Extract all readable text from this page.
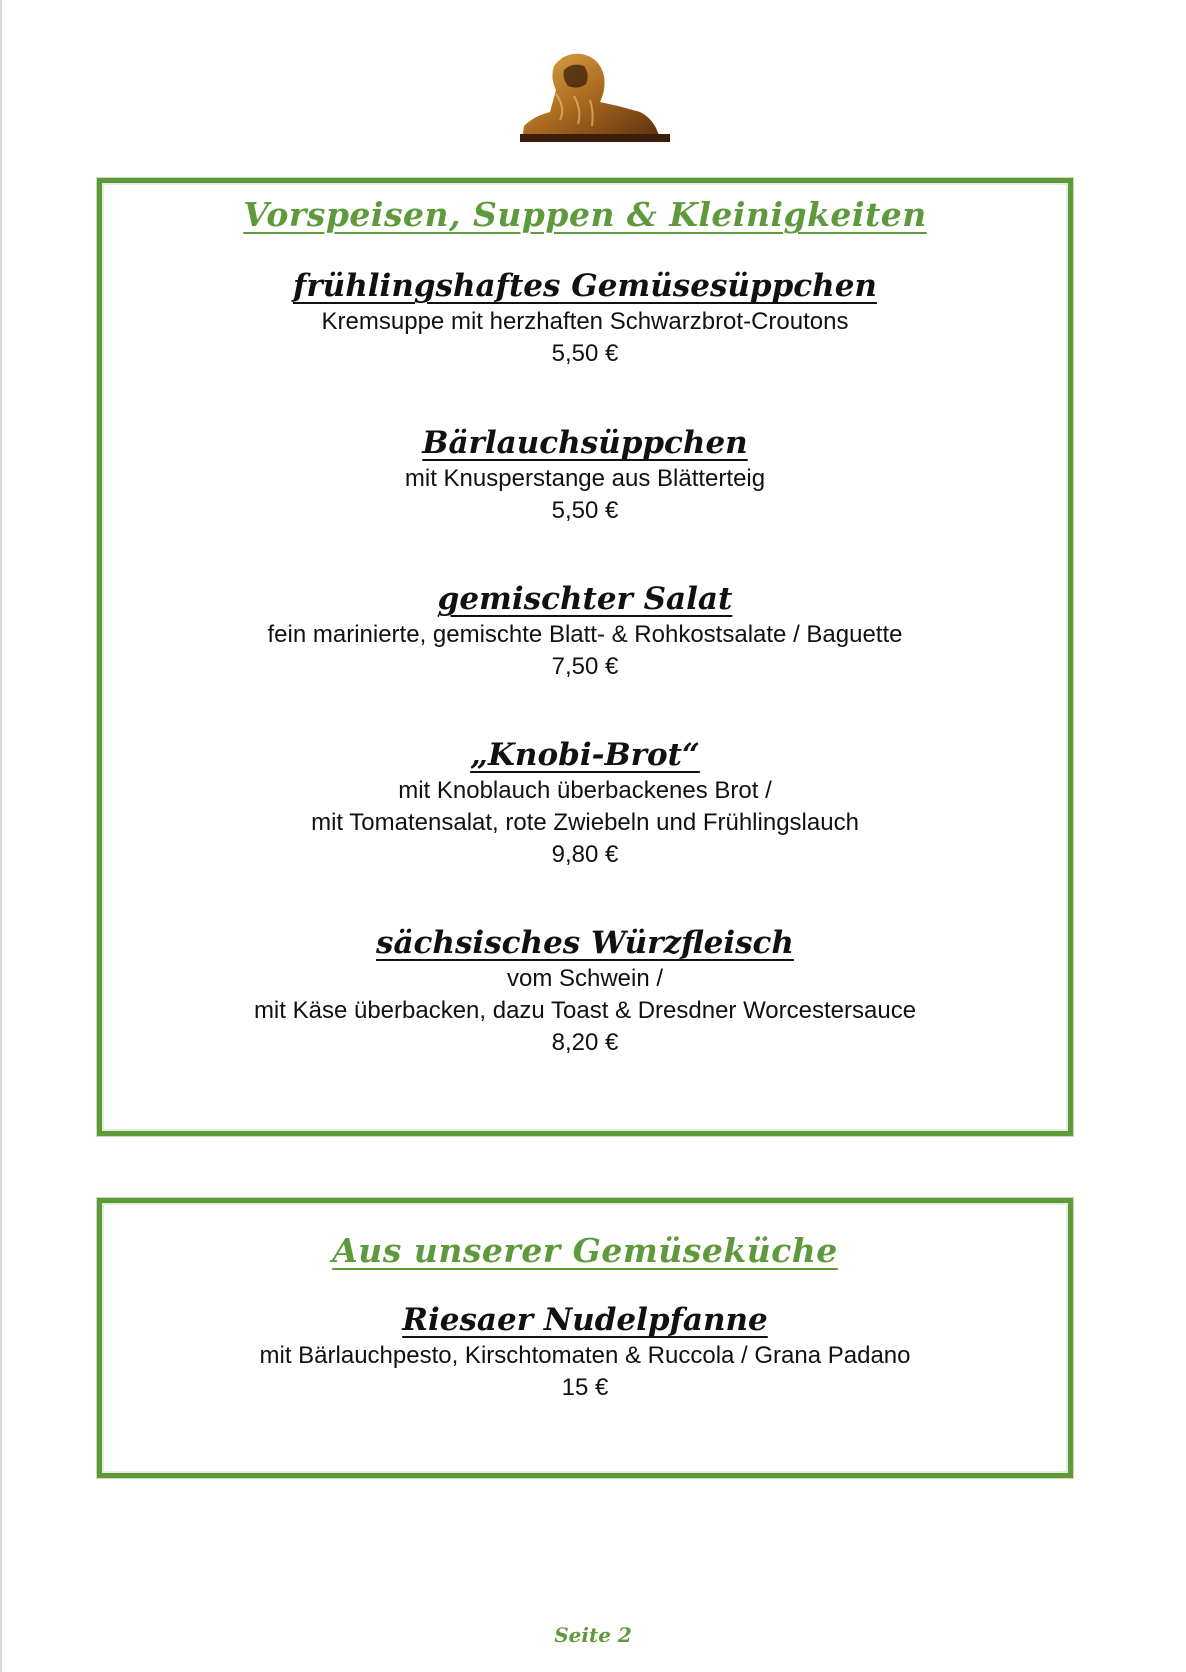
Vorspeisen, Suppen & Kleinigkeiten
frühlingshaftes Gemüsesüppchen
Kremsuppe mit herzhaften Schwarzbrot-Croutons
5,50 €
Bärlauchsüppchen
mit Knusperstange aus Blätterteig
5,50 €
gemischter Salat
fein marinierte, gemischte Blatt- & Rohkostsalate / Baguette
7,50 €
„Knobi-Brot“
mit Knoblauch überbackenes Brot /
mit Tomatensalat, rote Zwiebeln und Frühlingslauch
9,80 €
sächsisches Würzfleisch
vom Schwein /
mit Käse überbacken, dazu Toast & Dresdner Worcestersauce
8,20 €
Aus unserer Gemüseküche
Riesaer Nudelpfanne
mit Bärlauchpesto, Kirschtomaten & Ruccola / Grana Padano
15 €
Seite 2
